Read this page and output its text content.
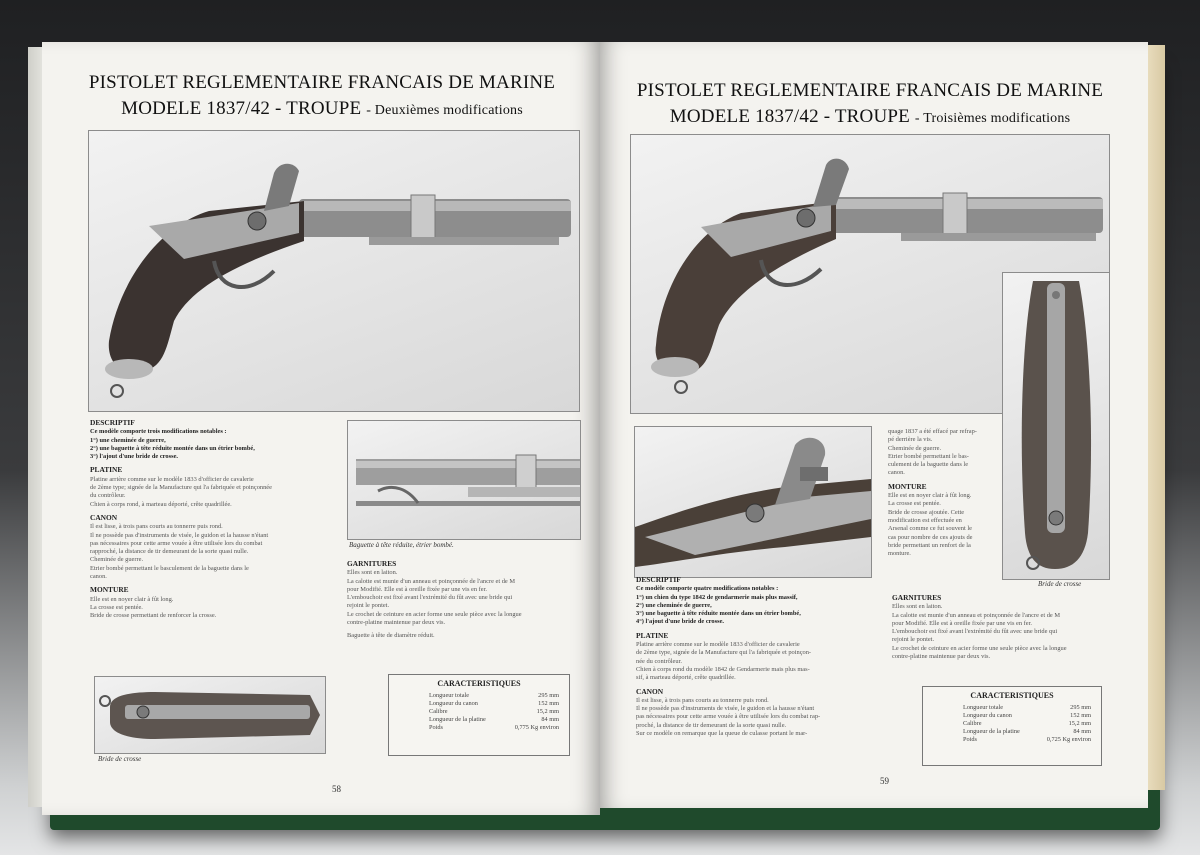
PISTOLET REGLEMENTAIRE FRANCAIS DE MARINE
MODELE 1837/42 - TROUPE - Deuxièmes modifications
DESCRIPTIF

Ce modèle comporte trois modifications notables :

1°) une cheminée de guerre,

2°) une baguette à tête réduite montée dans un étrier bombé,

3°) l'ajout d'une bride de crosse.

PLATINE

Platine arrière comme sur le modèle 1833 d'officier de cavalerie

de 2ème type; signée de la Manufacture qui l'a fabriquée et poinçonnée

du contrôleur.

Chien à corps rond, à marteau déporté, crête quadrillée.

CANON

Il est lisse, à trois pans courts au tonnerre puis rond.

Il ne possède pas d'instruments de visée, le guidon et la hausse n'étant

pas nécessaires pour cette arme vouée à être utilisée lors du combat

rapproché, la distance de tir demeurant de la sorte quasi nulle.

Cheminée de guerre.

Etrier bombé permettant le basculement de la baguette dans le

canon.

MONTURE

Elle est en noyer clair à fût long.

La crosse est pentée.

Bride de crosse permettant de renforcer la crosse.

Baguette à tête réduite, étrier bombé.
GARNITURES

Elles sont en laiton.

La calotte est munie d'un anneau et poinçonnée de l'ancre et de M

pour Modifié. Elle est à oreille fixée par une vis en fer.

L'embouchoir est fixé avant l'extrémité du fût avec une bride qui

rejoint le pontet.

Le crochet de ceinture en acier forme une seule pièce avec la longue

contre-platine maintenue par deux vis.

Baguette à tête de diamètre réduit.

Bride de crosse
CARACTERISTIQUES
Longueur totale	295 mm
Longueur du canon	152 mm
Calibre	15,2 mm
Longueur de la platine	84 mm
Poids	0,775 Kg environ
58
PISTOLET REGLEMENTAIRE FRANCAIS DE MARINE
MODELE 1837/42 - TROUPE - Troisièmes modifications
Bride de crosse

quage 1837 a été effacé par refrap-

pé derrière la vis.

Cheminée de guerre.

Etrier bombé permettant le bas-

culement de la baguette dans le

canon.

MONTURE

Elle est en noyer clair à fût long.

La crosse est pentée.

Bride de crosse ajoutée. Cette

modification est effectuée en

Arsenal comme ce fut souvent le

cas pour nombre de ces ajouts de

bride permettant un renfort de la

monture.

DESCRIPTIF

Ce modèle comporte quatre modifications notables :

1°) un chien du type 1842 de gendarmerie mais plus massif,

2°) une cheminée de guerre,

3°) une baguette à tête réduite montée dans un étrier bombé,

4°) l'ajout d'une bride de crosse.

PLATINE

Platine arrière comme sur le modèle 1833 d'officier de cavalerie

de 2ème type, signée de la Manufacture qui l'a fabriquée et poinçon-

née du contrôleur.

Chien à corps rond du modèle 1842 de Gendarmerie mais plus mas-

sif, à marteau déporté, crête quadrillée.

CANON

Il est lisse, à trois pans courts au tonnerre puis rond.

Il ne possède pas d'instruments de visée, le guidon et la hausse n'étant

pas nécessaires pour cette arme vouée à être utilisée lors du combat rap-

proché, la distance de tir demeurant de la sorte quasi nulle.

Sur ce modèle on remarque que la queue de culasse portant le mar-

GARNITURES

Elles sont en laiton.

La calotte est munie d'un anneau et poinçonnée de l'ancre et de M

pour Modifié. Elle est à oreille fixée par une vis en fer.

L'embouchoir est fixé avant l'extrémité du fût avec une bride qui

rejoint le pontet.

Le crochet de ceinture en acier forme une seule pièce avec la longue

contre-platine maintenue par deux vis.

CARACTERISTIQUES
Longueur totale	295 mm
Longueur du canon	152 mm
Calibre	15,2 mm
Longueur de la platine	84 mm
Poids	0,725 Kg environ
59
